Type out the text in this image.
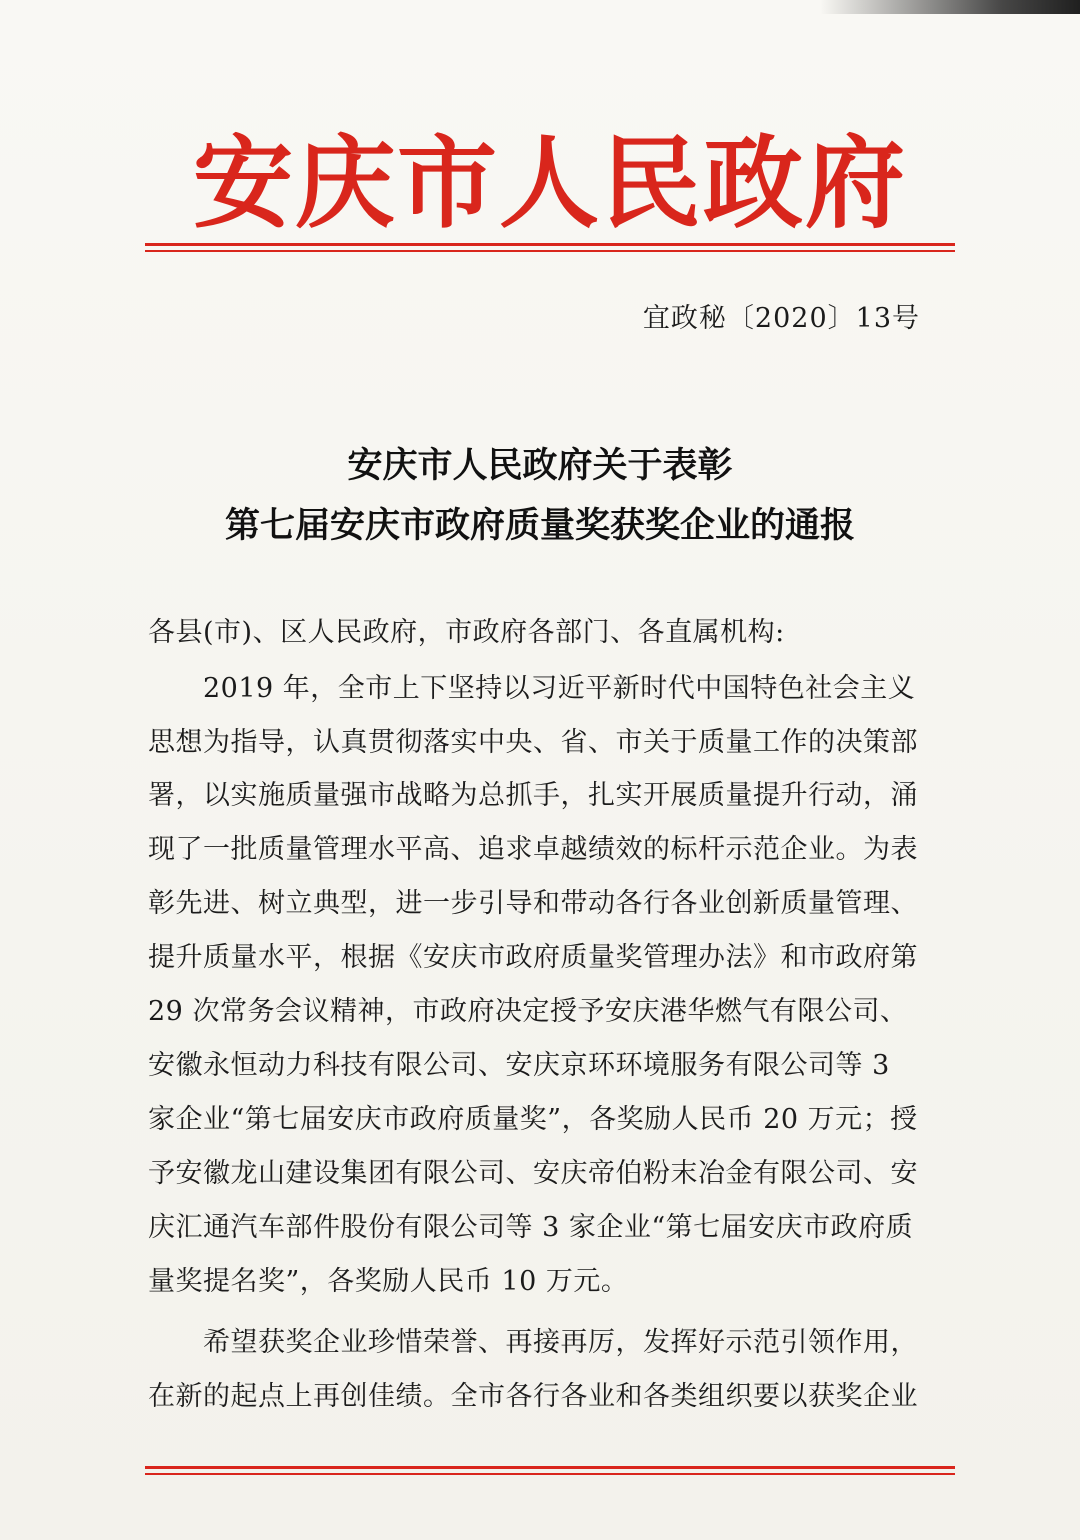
安庆市人民政府
宜政秘〔2020〕13号
安庆市人民政府关于表彰
第七届安庆市政府质量奖获奖企业的通报
各县(市)、区人民政府，市政府各部门、各直属机构:
2019 年，全市上下坚持以习近平新时代中国特色社会主义
思想为指导，认真贯彻落实中央、省、市关于质量工作的决策部
署，以实施质量强市战略为总抓手，扎实开展质量提升行动，涌
现了一批质量管理水平高、追求卓越绩效的标杆示范企业。为表
彰先进、树立典型，进一步引导和带动各行各业创新质量管理、
提升质量水平，根据《安庆市政府质量奖管理办法》和市政府第
29 次常务会议精神，市政府决定授予安庆港华燃气有限公司、
安徽永恒动力科技有限公司、安庆京环环境服务有限公司等 3
家企业“第七届安庆市政府质量奖”，各奖励人民币 20 万元；授
予安徽龙山建设集团有限公司、安庆帝伯粉末冶金有限公司、安
庆汇通汽车部件股份有限公司等 3 家企业“第七届安庆市政府质
量奖提名奖”，各奖励人民币 10 万元。
希望获奖企业珍惜荣誉、再接再厉，发挥好示范引领作用，
在新的起点上再创佳绩。全市各行各业和各类组织要以获奖企业
